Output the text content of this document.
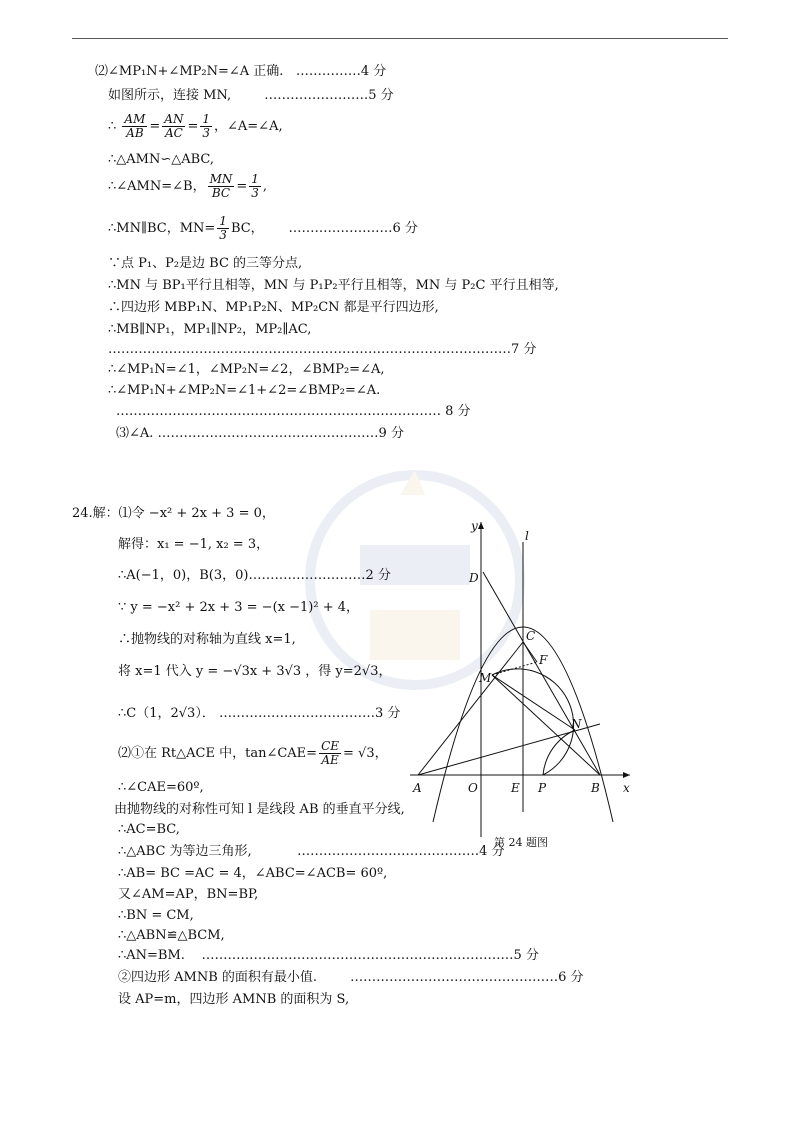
⑵∠MP₁N+∠MP₂N=∠A 正确. ……………4 分
如图所示，连接 MN,	……………………5 分
∴ $\frac{AM}{AB} = \frac{AN}{AC} = \frac{1}{3}$ ，∠A=∠A,
∴△AMN∽△ABC,
∴∠AMN=∠B， $\frac{MN}{BC} = \frac{1}{3}$ ,
∴MN∥BC，$MN= \frac{1}{3}$ BC， ……………………6 分
∵点 P₁、P₂是边 BC 的三等分点,
∴MN 与 BP₁平行且相等，MN 与 P₁P₂平行且相等，MN 与 P₂C 平行且相等,
∴四边形 MBP₁N、MP₁P₂N、MP₂CN 都是平行四边形,
∴MB∥NP₁，MP₁∥NP₂，MP₂∥AC,
…………………………………………………………………………………7 分
∴∠MP₁N=∠1，∠MP₂N=∠2，∠BMP₂=∠A,
∴∠MP₁N+∠MP₂N=∠1+∠2=∠BMP₂=∠A.
………………………………………………………………… 8 分
⑶∠A. ……………………………………………9 分
24.解：⑴令 −x² + 2x + 3 = 0，
解得：x₁ = −1, x₂ = 3，
∴A(−1，0)，B(3，0)………………………2 分
∵ y = −x² + 2x + 3 = −(x −1)² + 4，
∴抛物线的对称轴为直线 x=1,
将 x=1 代入 y = −√3x + 3√3 ，得 y=2√3，
∴C（1，2√3）． ………………………………3 分
⑵①在 Rt△ACE 中，tan∠CAE= $\frac{CE}{AE} = √3$，
∴∠CAE=60º,
由抛物线的对称性可知 l 是线段 AB 的垂直平分线,
∴AC=BC,
∴△ABC 为等边三角形,	……………………………………4 分
∴AB= BC =AC = 4，∠ABC=∠ACB= 60º,
又∠AM=AP，BN=BP,
∴BN = CM,
∴△ABN≌△BCM,
∴AN=BM. ………………………………………………………………5 分
②四边形 AMNB 的面积有最小值.	…………………………………………6 分
设 AP=m，四边形 AMNB 的面积为 S,
y
x
D
l
C
F
M
N
A	O	E P	B
第 24 题图
